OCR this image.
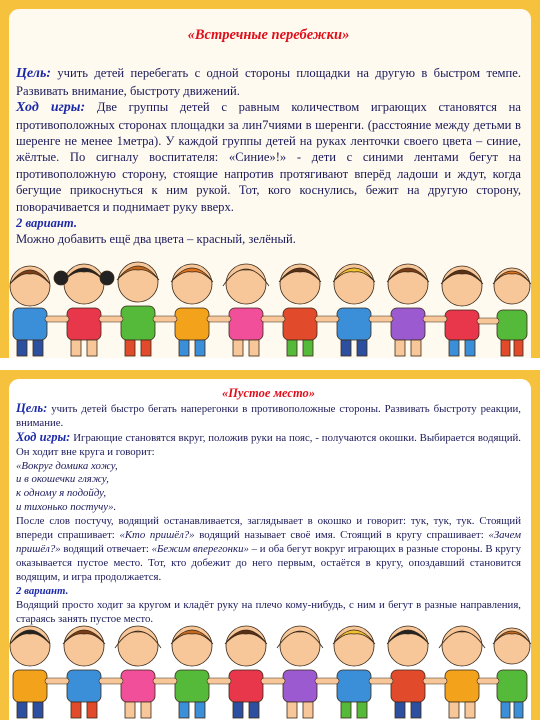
«Встречные перебежки»

Цель: учить детей перебегать с одной стороны площадки на другую в быстром темпе. Развивать внимание, быстроту движений.

Ход игры: Две группы детей с равным количеством играющих становятся на противоположных сторонах площадки за лин7чиями в шеренги. (расстояние между детьми в шеренге не менее 1метра). У каждой группы детей на руках ленточки своего цвета – синие, жёлтые. По сигналу воспитателя: «Синие»!» - дети с синими лентами бегут на противоположную сторону, стоящие напротив протягивают вперёд ладоши и ждут, когда бегущие прикоснуться к ним рукой. Тот, кого коснулись, бежит на другую сторону, поворачивается и поднимает руку вверх.

2 вариант.

Можно добавить ещё два цвета – красный, зелёный.

«Пустое место»

Цель: учить детей быстро бегать наперегонки в противоположные стороны. Развивать быстроту реакции, внимание.

Ход игры: Играющие становятся вкруг, положив руки на пояс, - получаются окошки. Выбирается водящий. Он ходит вне круга и говорит:

«Вокруг домика хожу,

и в окошечки гляжу,

к одному я подойду,

и тихонько постучу».

После слов постучу, водящий останавливается, заглядывает в окошко и говорит: тук, тук, тук. Стоящий впереди спрашивает: «Кто пришёл?» водящий называет своё имя. Стоящий в кругу спрашивает: «Зачем пришёл?» водящий отвечает: «Бежим вперегонки» – и оба бегут вокруг играющих в разные стороны. В кругу оказывается пустое место. Тот, кто добежит до него первым, остаётся в кругу, опоздавший становится водящим, и игра продолжается.

2 вариант.

Водящий просто ходит за кругом и кладёт руку на плечо кому-нибудь, с ним и бегут в разные направления, стараясь занять пустое место.
